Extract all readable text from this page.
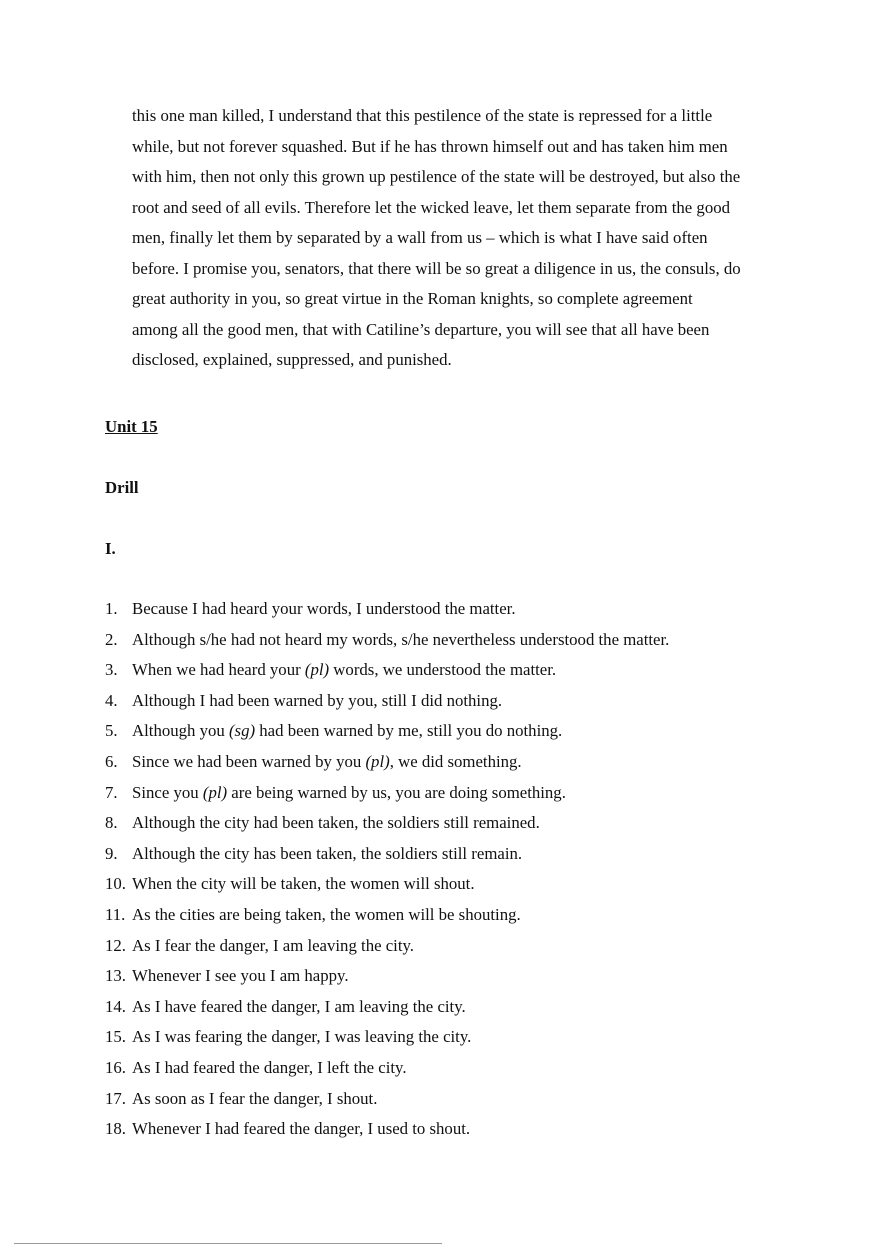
this one man killed, I understand that this pestilence of the state is repressed for a little
while, but not forever squashed. But if he has thrown himself out and has taken him men
with him, then not only this grown up pestilence of the state will be destroyed, but also the
root and seed of all evils. Therefore let the wicked leave, let them separate from the good
men, finally let them by separated by a wall from us – which is what I have said often
before. I promise you, senators, that there will be so great a diligence in us, the consuls, do
great authority in you, so great virtue in the Roman knights, so complete agreement
among all the good men, that with Catiline’s departure, you will see that all have been
disclosed, explained, suppressed, and punished.
Unit 15
Drill
I.
1. Because I had heard your words, I understood the matter.
2. Although s/he had not heard my words, s/he nevertheless understood the matter.
3. When we had heard your (pl) words, we understood the matter.
4. Although I had been warned by you, still I did nothing.
5. Although you (sg) had been warned by me, still you do nothing.
6. Since we had been warned by you (pl), we did something.
7. Since you (pl) are being warned by us, you are doing something.
8. Although the city had been taken, the soldiers still remained.
9. Although the city has been taken, the soldiers still remain.
10. When the city will be taken, the women will shout.
11. As the cities are being taken, the women will be shouting.
12. As I fear the danger, I am leaving the city.
13. Whenever I see you I am happy.
14. As I have feared the danger, I am leaving the city.
15. As I was fearing the danger, I was leaving the city.
16. As I had feared the danger, I left the city.
17. As soon as I fear the danger, I shout.
18. Whenever I had feared the danger, I used to shout.
